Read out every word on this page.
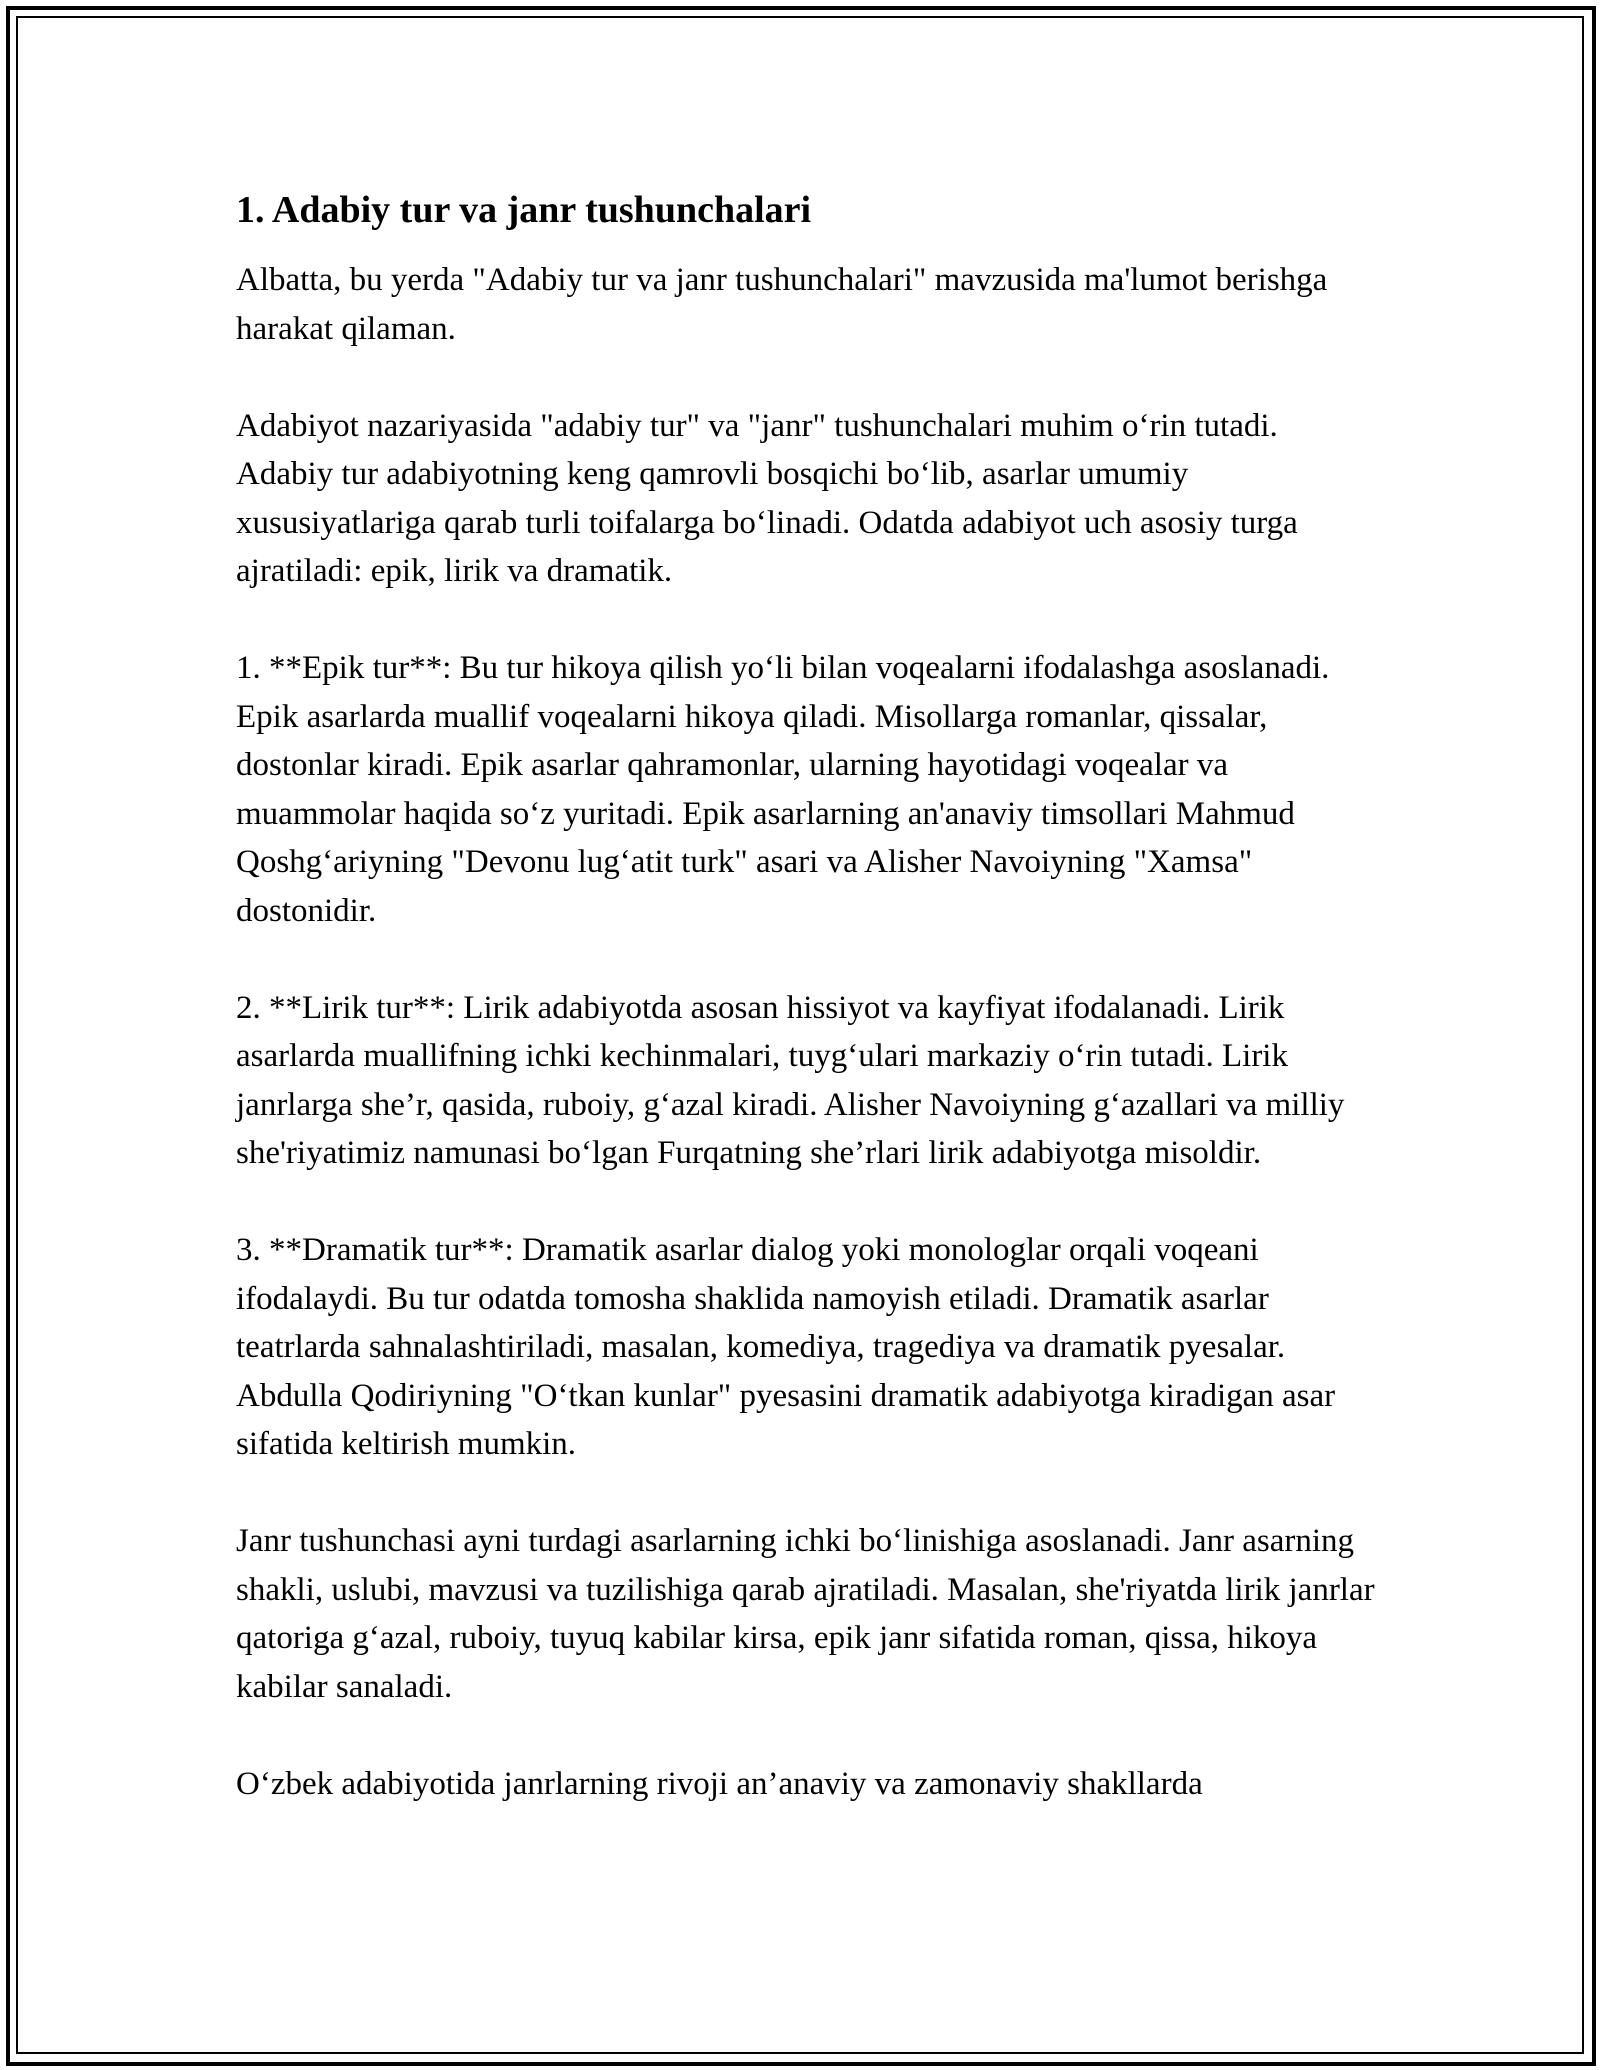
1. Adabiy tur va janr tushunchalari

Albatta, bu yerda "Adabiy tur va janr tushunchalari" mavzusida ma'lumot berishga harakat qilaman.

Adabiyot nazariyasida "adabiy tur" va "janr" tushunchalari muhim o‘rin tutadi. Adabiy tur adabiyotning keng qamrovli bosqichi bo‘lib, asarlar umumiy xususiyatlariga qarab turli toifalarga bo‘linadi. Odatda adabiyot uch asosiy turga ajratiladi: epik, lirik va dramatik.

1. **Epik tur**: Bu tur hikoya qilish yo‘li bilan voqealarni ifodalashga asoslanadi. Epik asarlarda muallif voqealarni hikoya qiladi. Misollarga romanlar, qissalar, dostonlar kiradi. Epik asarlar qahramonlar, ularning hayotidagi voqealar va muammolar haqida so‘z yuritadi. Epik asarlarning an'anaviy timsollari Mahmud Qoshg‘ariyning "Devonu lug‘atit turk" asari va Alisher Navoiyning "Xamsa" dostonidir.

2. **Lirik tur**: Lirik adabiyotda asosan hissiyot va kayfiyat ifodalanadi. Lirik asarlarda muallifning ichki kechinmalari, tuyg‘ulari markaziy o‘rin tutadi. Lirik janrlarga she’r, qasida, ruboiy, g‘azal kiradi. Alisher Navoiyning g‘azallari va milliy she'riyatimiz namunasi bo‘lgan Furqatning she’rlari lirik adabiyotga misoldir.

3. **Dramatik tur**: Dramatik asarlar dialog yoki monologlar orqali voqeani ifodalaydi. Bu tur odatda tomosha shaklida namoyish etiladi. Dramatik asarlar teatrlarda sahnalashtiriladi, masalan, komediya, tragediya va dramatik pyesalar. Abdulla Qodiriyning "O‘tkan kunlar" pyesasini dramatik adabiyotga kiradigan asar sifatida keltirish mumkin.

Janr tushunchasi ayni turdagi asarlarning ichki bo‘linishiga asoslanadi. Janr asarning shakli, uslubi, mavzusi va tuzilishiga qarab ajratiladi. Masalan, she'riyatda lirik janrlar qatoriga g‘azal, ruboiy, tuyuq kabilar kirsa, epik janr sifatida roman, qissa, hikoya kabilar sanaladi.

O‘zbek adabiyotida janrlarning rivoji an’anaviy va zamonaviy shakllarda
